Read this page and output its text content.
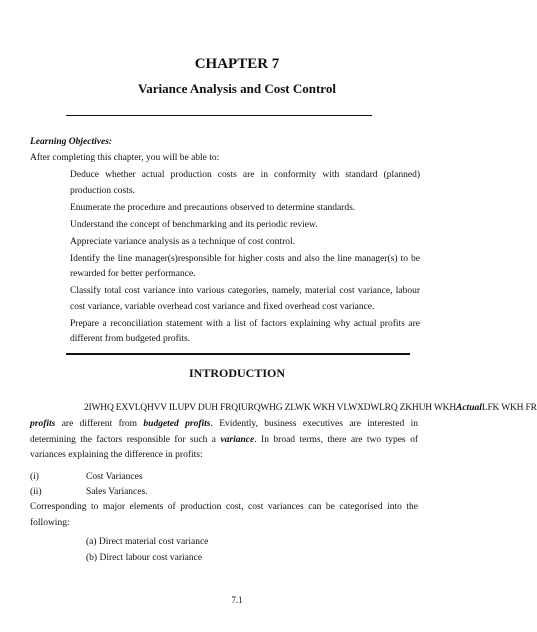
CHAPTER 7
Variance Analysis and Cost Control
Learning Objectives:
After completing this chapter, you will be able to:
Deduce whether actual production costs are in conformity with standard (planned) production costs.
Enumerate the procedure and precautions observed to determine standards.
Understand the concept of benchmarking and its periodic review.
Appreciate variance analysis as a technique of cost control.
Identify the line manager(s)responsible for higher costs and also the line manager(s) to be rewarded for better performance.
Classify total cost variance into various categories, namely, material cost variance, labour cost variance, variable overhead cost variance and fixed overhead cost variance.
Prepare a reconciliation statement with a list of factors explaining why actual profits are different from budgeted profits.
INTRODUCTION
2IWHQ EXVLQHVV ILUPV DUH FRQIURQWHG ZLWK WKH VLWXDWLRQ ZKHUH WKHActualLFK WKH FR
profits are different from budgeted profits. Evidently, business executives are interested in determining the factors responsible for such a variance. In broad terms, there are two types of variances explaining the difference in profits:
(i)	Cost Variances
(ii)	Sales Variances.
Corresponding to major elements of production cost, cost variances can be categorised into the following:
(a) Direct material cost variance
(b) Direct labour cost variance
7.1
